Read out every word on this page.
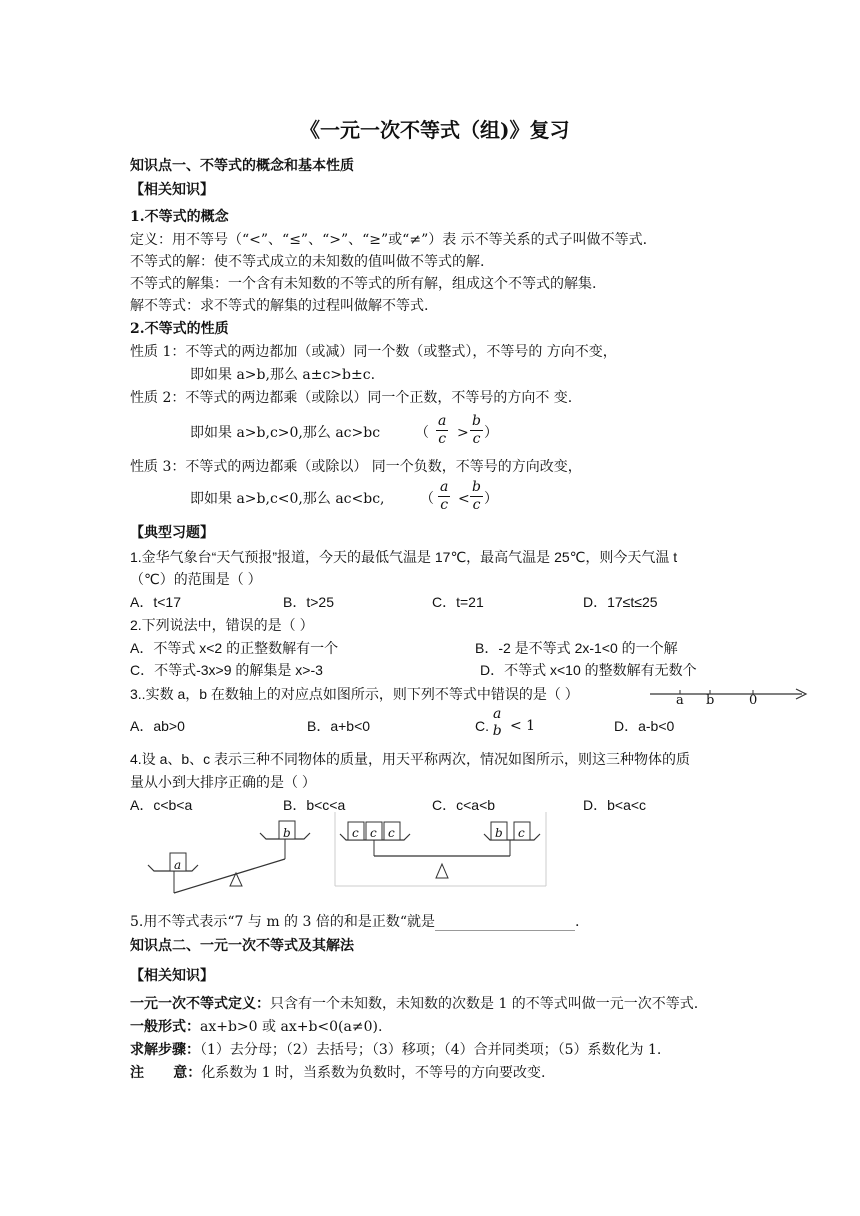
《一元一次不等式（组)》复习
知识点一、不等式的概念和基本性质
【相关知识】
1.不等式的概念
定义：用不等号（“<”、“≤”、“>”、“≥”或“≠”）表 示不等关系的式子叫做不等式.
不等式的解：使不等式成立的未知数的值叫做不等式的解.
不等式的解集：一个含有未知数的不等式的所有解，组成这个不等式的解集.
解不等式：求不等式的解集的过程叫做解不等式.
2.不等式的性质
性质 1：不等式的两边都加（或减）同一个数（或整式），不等号的 方向不变，
即如果 a>b,那么 a±c>b±c.
性质 2：不等式的两边都乘（或除以）同一个正数，不等号的方向不 变.
即如果 a>b,c>0,那么 ac>bc （ $\frac{a}{c} > \frac{b}{c}$ ）
性质 3：不等式的两边都乘（或除以） 同一个负数，不等号的方向改变，
即如果 a>b,c<0,那么 ac<bc,	（ $\frac{a}{c} < \frac{b}{c}$ ）
【典型习题】
1.金华气象台“天气预报”报道，今天的最低气温是 17℃，最高气温是 25℃，则今天气温 t
（℃）的范围是（ ）
A．t<17	B．t>25	C．t=21	D．17≤t≤25
2.下列说法中，错误的是（ ）
A．不等式 x<2 的正整数解有一个	B．-2 是不等式 2x-1<0 的一个解
C．不等式-3x>9 的解集是 x>-3	D．不等式 x<10 的整数解有无数个
3..实数 a，b 在数轴上的对应点如图所示，则下列不等式中错误的是（ ）	a b	0
A．ab>0	B．a+b<0	C.
a
b < 1	D．a-b<0
4.设 a、b、c 表示三种不同物体的质量，用天平称两次，情况如图所示，则这三种物体的质
量从小到大排序正确的是（ ）
A．c<b<a	B．b<c<a	C．c<a<b	D．b<a<c
a
b	c c c	b c
5.用不等式表示“7 与 m 的 3 倍的和是正数“就是	.
知识点二、一元一次不等式及其解法
【相关知识】
一元一次不等式定义：只含有一个未知数，未知数的次数是 1 的不等式叫做一元一次不等式.
一般形式：ax+b>0 或 ax+b<0(a≠0).
求解步骤：（1）去分母；（2）去括号；（3）移项；（4）合并同类项；（5）系数化为 1.
注      意：化系数为 1 时，当系数为负数时，不等号的方向要改变.
